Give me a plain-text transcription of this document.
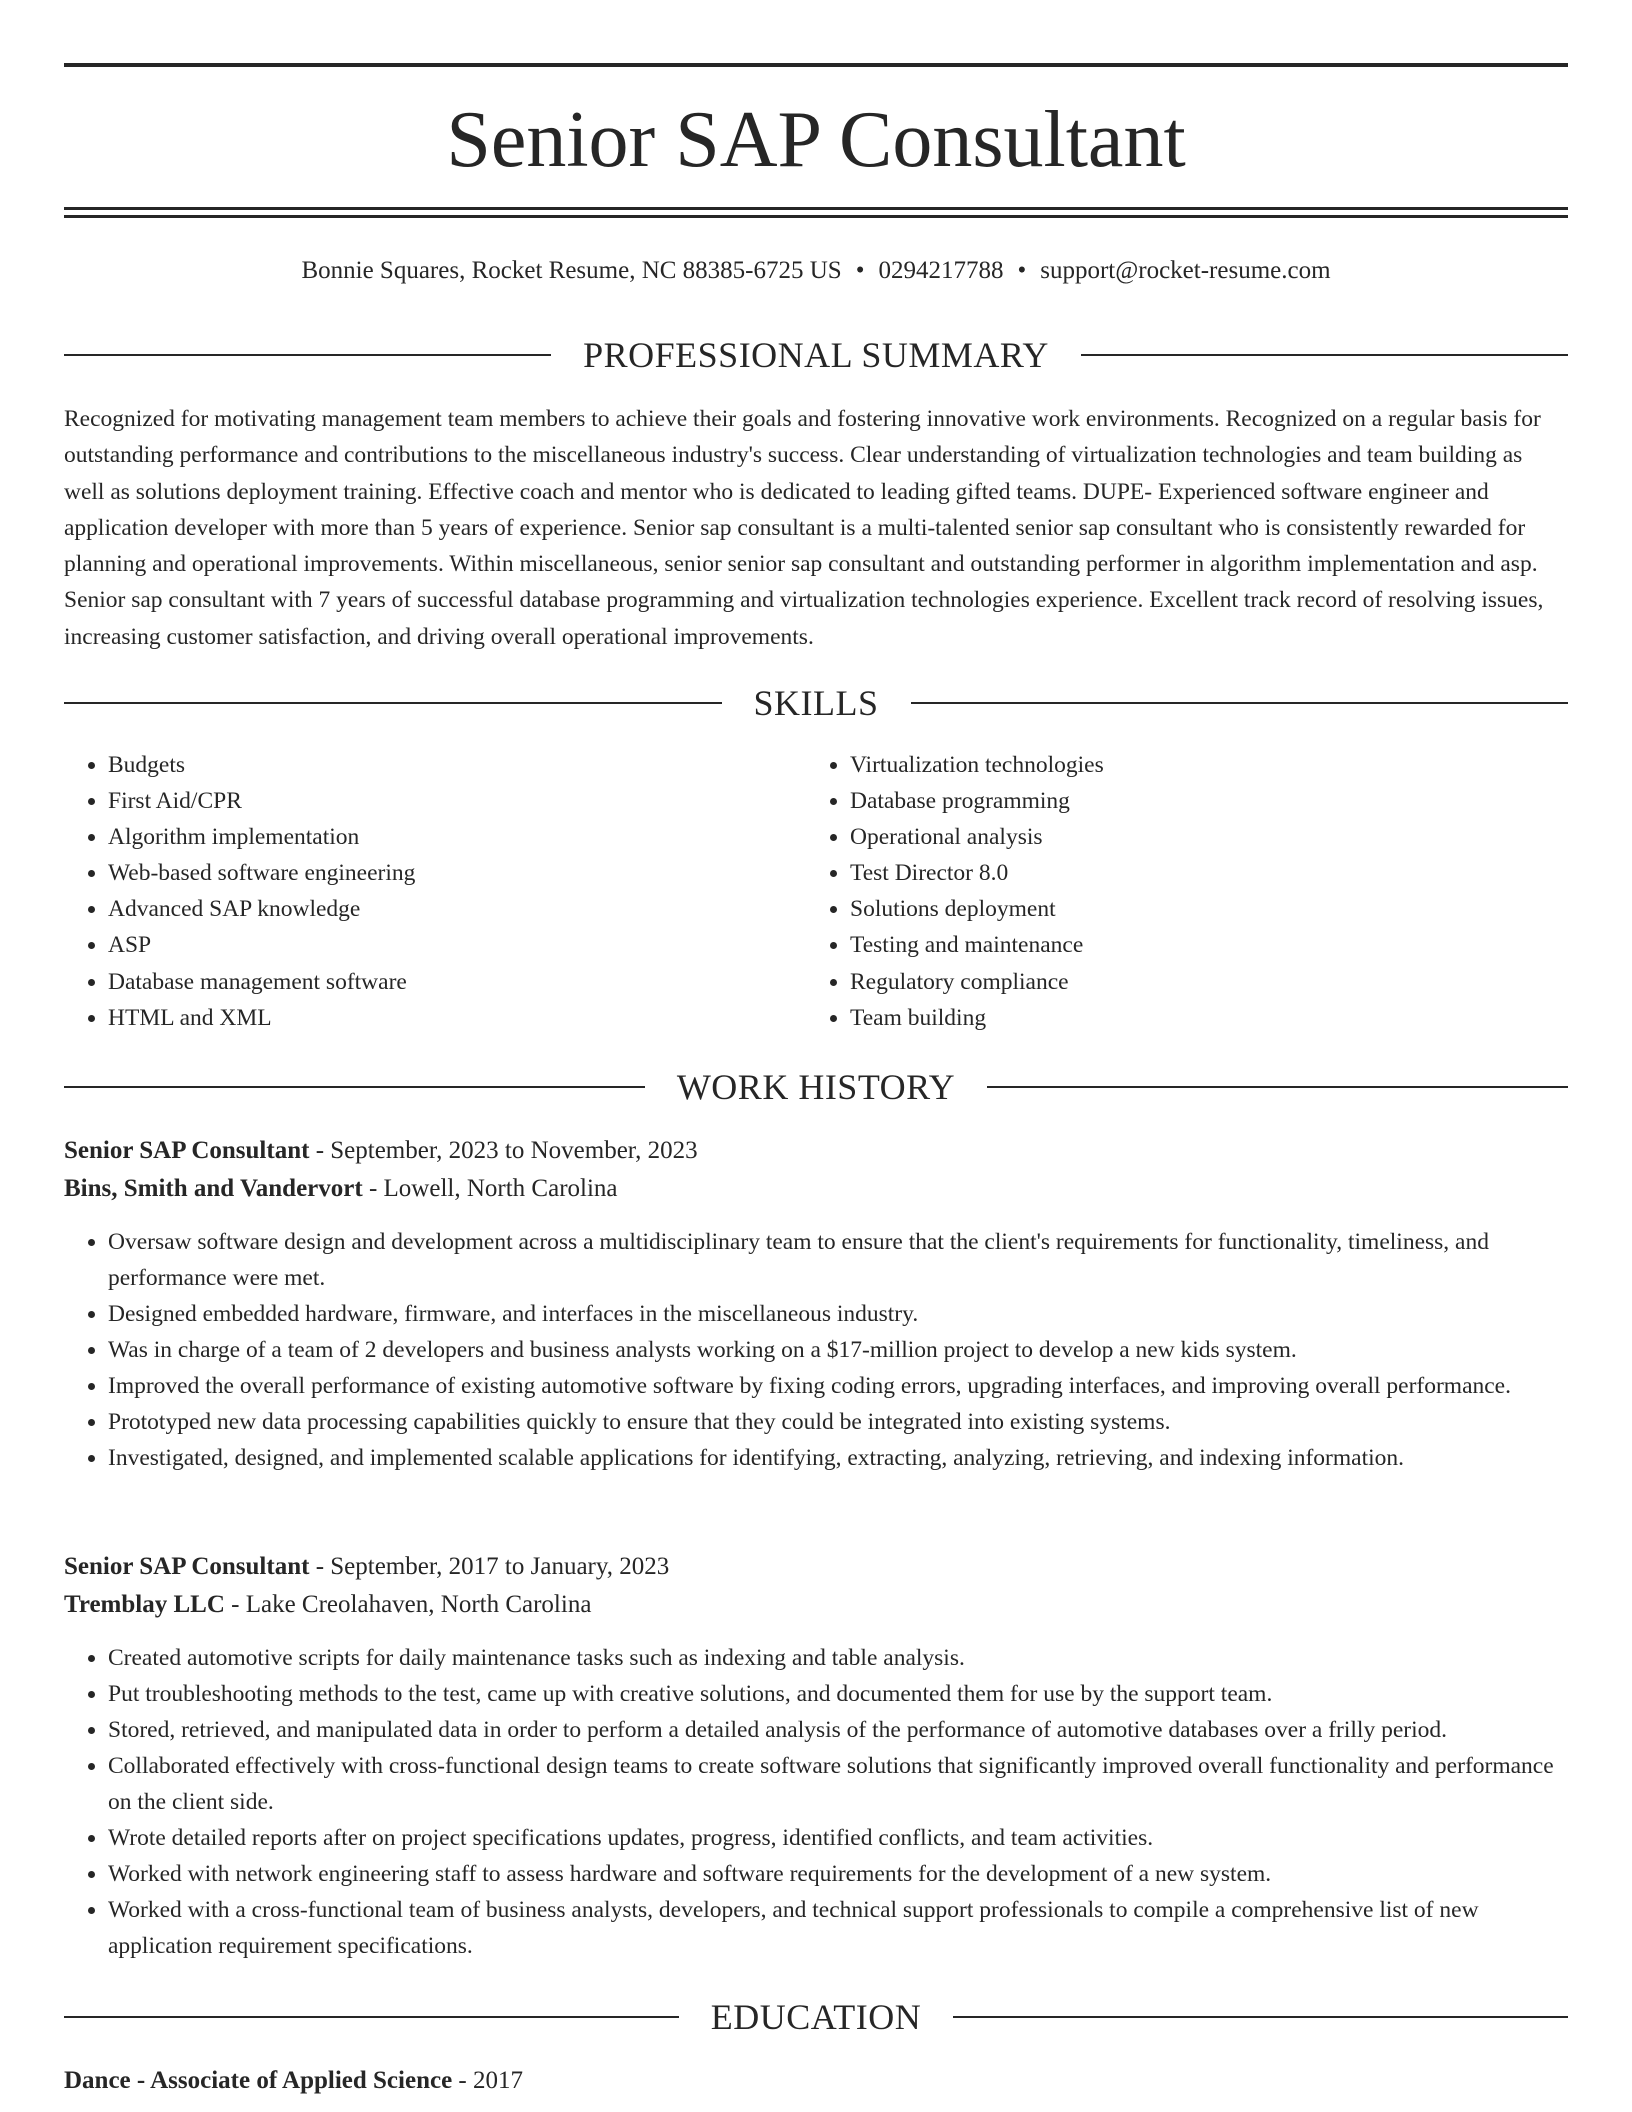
Senior SAP Consultant
Bonnie Squares, Rocket Resume, NC 88385-6725 US • 0294217788 • support@rocket-resume.com
PROFESSIONAL SUMMARY

Recognized for motivating management team members to achieve their goals and fostering innovative work environments. Recognized on a regular basis for outstanding performance and contributions to the miscellaneous industry's success. Clear understanding of virtualization technologies and team building as well as solutions deployment training. Effective coach and mentor who is dedicated to leading gifted teams. DUPE- Experienced software engineer and application developer with more than 5 years of experience. Senior sap consultant is a multi-talented senior sap consultant who is consistently rewarded for planning and operational improvements. Within miscellaneous, senior senior sap consultant and outstanding performer in algorithm implementation and asp. Senior sap consultant with 7 years of successful database programming and virtualization technologies experience. Excellent track record of resolving issues, increasing customer satisfaction, and driving overall operational improvements.

SKILLS
• Budgets
• First Aid/CPR
• Algorithm implementation
• Web-based software engineering
• Advanced SAP knowledge
• ASP
• Database management software
• HTML and XML
• Virtualization technologies
• Database programming
• Operational analysis
• Test Director 8.0
• Solutions deployment
• Testing and maintenance
• Regulatory compliance
• Team building
WORK HISTORY
Senior SAP Consultant - September, 2023 to November, 2023
Bins, Smith and Vandervort - Lowell, North Carolina
• Oversaw software design and development across a multidisciplinary team to ensure that the client's requirements for functionality, timeliness, and performance were met.
• Designed embedded hardware, firmware, and interfaces in the miscellaneous industry.
• Was in charge of a team of 2 developers and business analysts working on a $17-million project to develop a new kids system.
• Improved the overall performance of existing automotive software by fixing coding errors, upgrading interfaces, and improving overall performance.
• Prototyped new data processing capabilities quickly to ensure that they could be integrated into existing systems.
• Investigated, designed, and implemented scalable applications for identifying, extracting, analyzing, retrieving, and indexing information.
Senior SAP Consultant - September, 2017 to January, 2023
Tremblay LLC - Lake Creolahaven, North Carolina
• Created automotive scripts for daily maintenance tasks such as indexing and table analysis.
• Put troubleshooting methods to the test, came up with creative solutions, and documented them for use by the support team.
• Stored, retrieved, and manipulated data in order to perform a detailed analysis of the performance of automotive databases over a frilly period.
• Collaborated effectively with cross-functional design teams to create software solutions that significantly improved overall functionality and performance on the client side.
• Wrote detailed reports after on project specifications updates, progress, identified conflicts, and team activities.
• Worked with network engineering staff to assess hardware and software requirements for the development of a new system.
• Worked with a cross-functional team of business analysts, developers, and technical support professionals to compile a comprehensive list of new application requirement specifications.
EDUCATION
Dance - Associate of Applied Science - 2017
